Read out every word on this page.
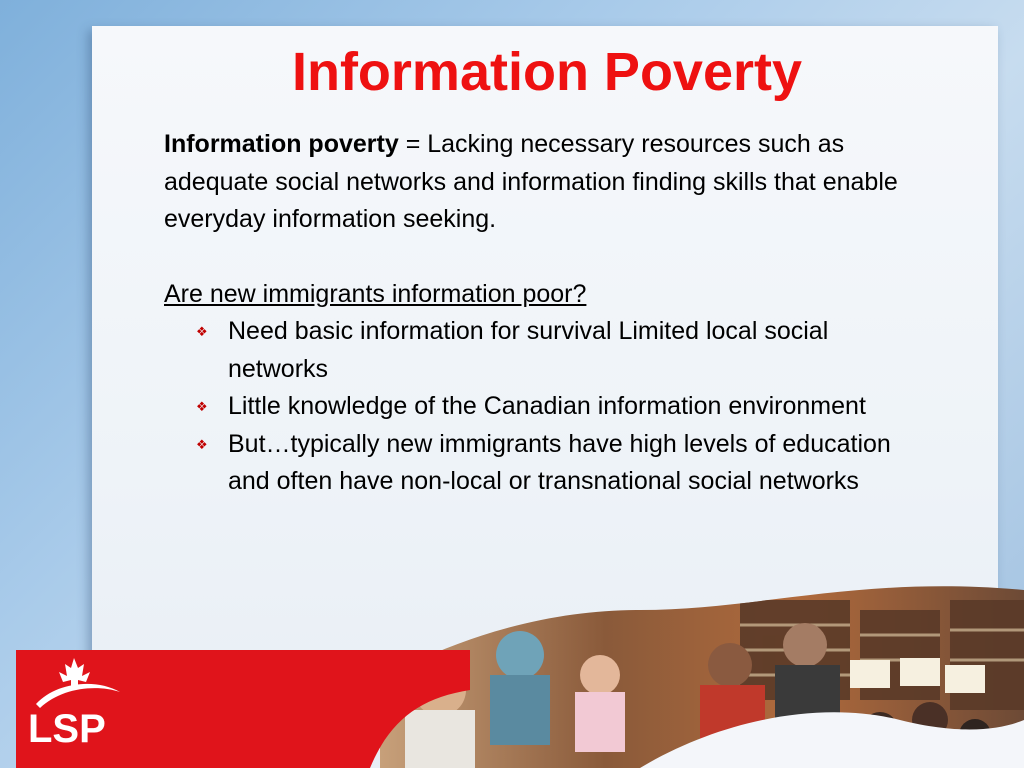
Information Poverty

Information poverty = Lacking necessary resources such as adequate social networks and information finding skills that enable everyday information seeking.

Are new immigrants information poor?
❖ Need basic information for survival Limited local social networks
❖ Little knowledge of the Canadian information environment
❖ But…typically new immigrants have high levels of education and often have non-local or transnational social networks
LSP
